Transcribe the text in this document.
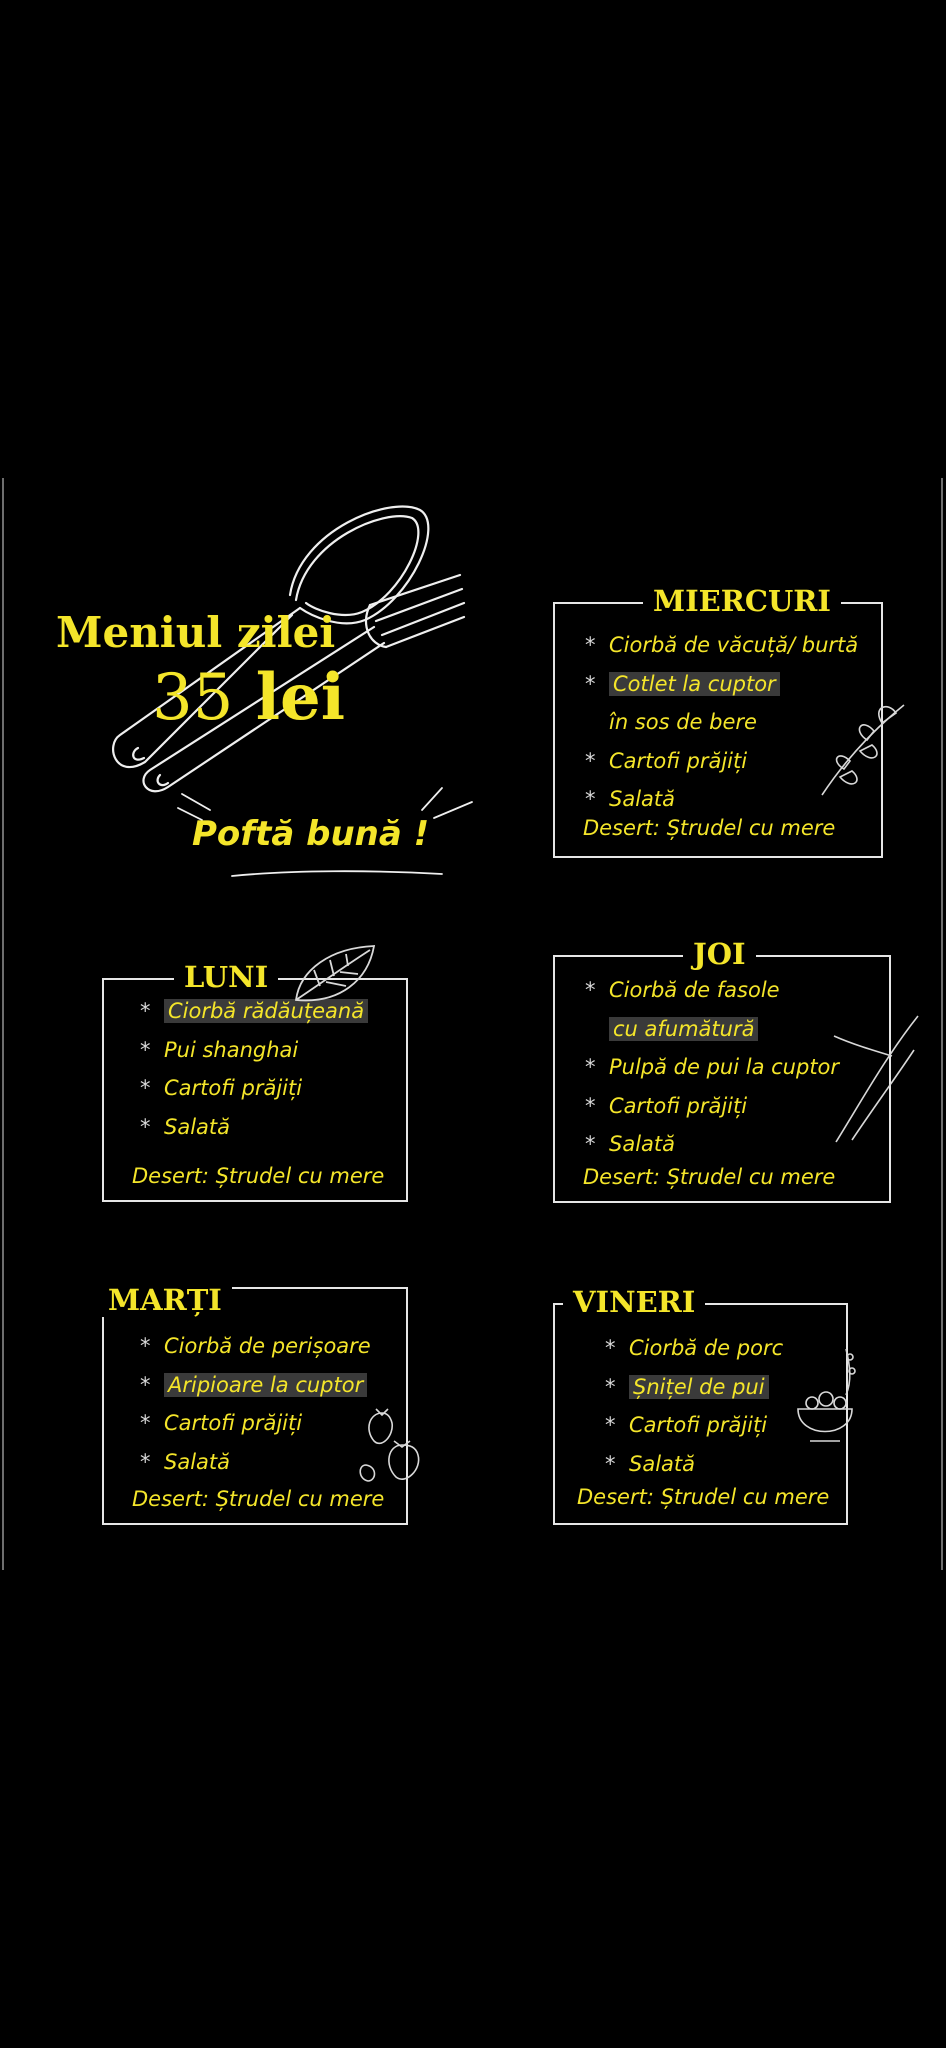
Meniul zilei
35 lei
Poftă bună !
MIERCURI
* Ciorbă de văcuță/ burtă
* Cotlet la cuptor
în sos de bere
* Cartofi prăjiți
* Salată
Desert: Ștrudel cu mere
LUNI
* Ciorbă rădăuțeană
* Pui shanghai
* Cartofi prăjiți
* Salată
Desert: Ștrudel cu mere
JOI
* Ciorbă de fasole
cu afumătură
* Pulpă de pui la cuptor
* Cartofi prăjiți
* Salată
Desert: Ștrudel cu mere
MARȚI
* Ciorbă de perișoare
* Aripioare la cuptor
* Cartofi prăjiți
* Salată
Desert: Ștrudel cu mere
VINERI
* Ciorbă de porc
* Șnițel de pui
* Cartofi prăjiți
* Salată
Desert: Ștrudel cu mere
